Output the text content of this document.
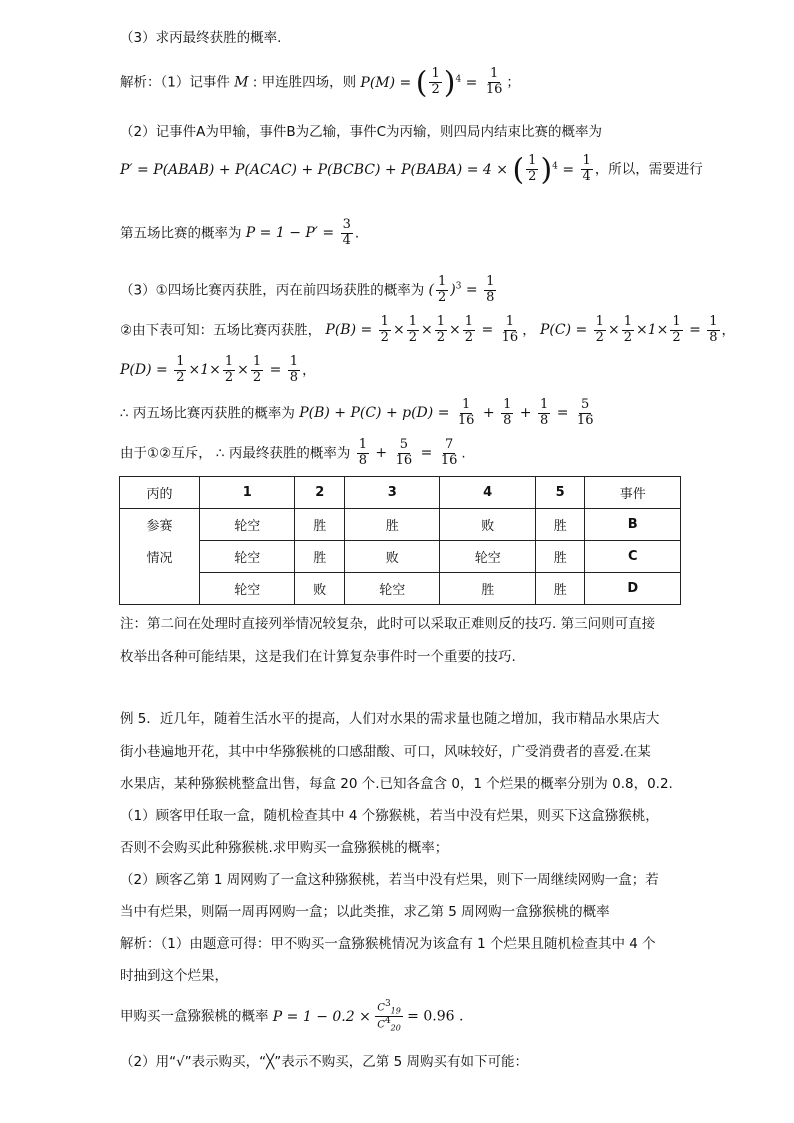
（3）求丙最终获胜的概率.
解析：（1）记事件 M : 甲连胜四场，则 P(M) = ( $\frac{1}{2} )^4 = \frac{1}{16}$ ；
（2）记事件A为甲输，事件B为乙输，事件C为丙输，则四局内结束比赛的概率为
P′ = P(ABAB) + P(ACAC) + P(BCBC) + P(BABA) = 4 × ( $\frac{1}{2} )^4 = \frac{1}{4}$ ，所以，需要进行
第五场比赛的概率为 $P = 1 - P' = \frac{3}{4}$ .
（3）①四场比赛丙获胜，丙在前四场获胜的概率为 ( $\frac{1}{2} )^3 = \frac{1}{8}$
②由下表可知：五场比赛丙获胜， $P(B) = \frac{1}{2} \times \frac{1}{2} \times \frac{1}{2} \times \frac{1}{2} = \frac{1}{16}$ ， $P(C) = \frac{1}{2} \times \frac{1}{2} \times 1\times \frac{1}{2} = \frac{1}{8}$ ，
$P(D) = \frac{1}{2} \times 1\times \frac{1}{2} \times \frac{1}{2} = \frac{1}{8}$ ，
∴ 丙五场比赛丙获胜的概率为 $P(B) + P(C) + p(D) = \frac{1}{16} + \frac{1}{8} + \frac{1}{8} = \frac{5}{16}$
由于①②互斥， ∴ 丙最终获胜的概率为 $\frac{1}{8} + \frac{5}{16} = \frac{7}{16}$ .
丙的	1	2	3	4	5	事件
参赛	轮空	胜	胜	败	胜	B
情况	轮空	胜	败	轮空	胜	C
	轮空	败	轮空	胜	胜	D
注：第二问在处理时直接列举情况较复杂，此时可以采取正难则反的技巧. 第三问则可直接
枚举出各种可能结果，这是我们在计算复杂事件时一个重要的技巧.
例 5．近几年，随着生活水平的提高，人们对水果的需求量也随之增加，我市精品水果店大
街小巷遍地开花，其中中华猕猴桃的口感甜酸、可口，风味较好，广受消费者的喜爱.在某
水果店，某种猕猴桃整盒出售，每盒 20 个.已知各盒含 0，1 个烂果的概率分别为 0.8，0.2.
（1）顾客甲任取一盒，随机检查其中 4 个猕猴桃，若当中没有烂果，则买下这盒猕猴桃，
否则不会购买此种猕猴桃.求甲购买一盒猕猴桃的概率；
（2）顾客乙第 1 周网购了一盒这种猕猴桃，若当中没有烂果，则下一周继续网购一盒；若
当中有烂果，则隔一周再网购一盒；以此类推，求乙第 5 周网购一盒猕猴桃的概率
解析：（1）由题意可得：甲不购买一盒猕猴桃情况为该盒有 1 个烂果且随机检查其中 4 个
时抽到这个烂果，
甲购买一盒猕猴桃的概率 $P = 1 - 0.2 \times \frac{C^3_{19}}{C^4_{20}} = 0.96$ .
（2）用“√”表示购买，“╳”表示不购买，乙第 5 周购买有如下可能：
